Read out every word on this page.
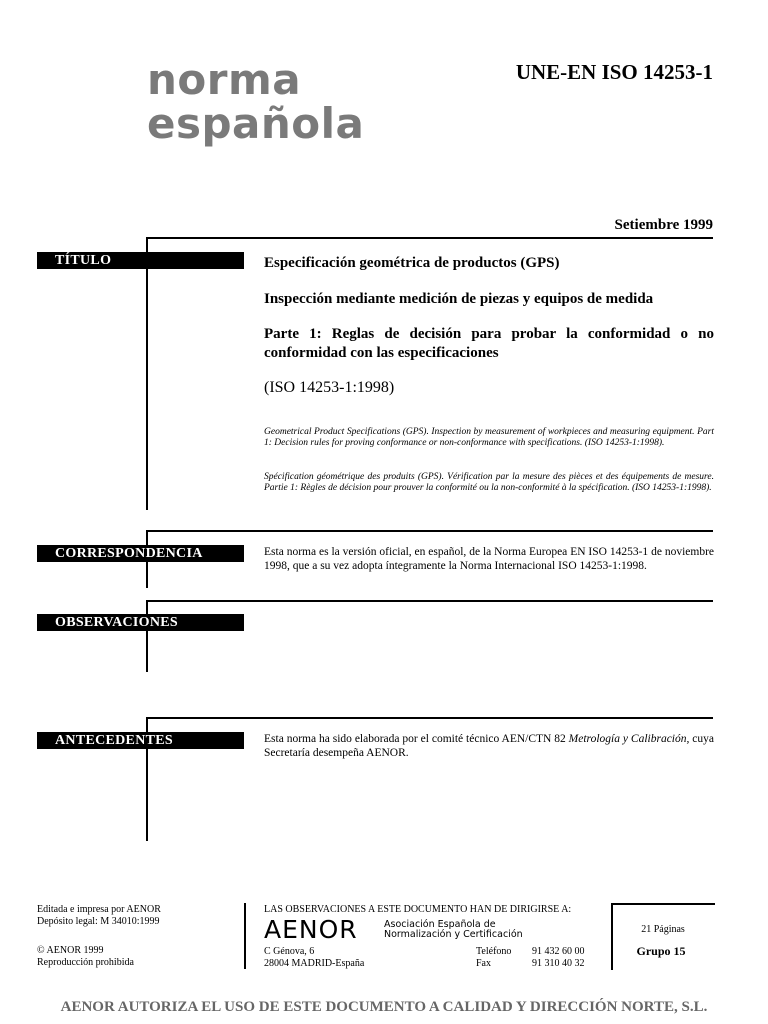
norma
española
UNE-EN ISO 14253-1
Setiembre 1999
TÍTULO
CORRESPONDENCIA
OBSERVACIONES
ANTECEDENTES
Especificación geométrica de productos (GPS)
Inspección mediante medición de piezas y equipos de medida
Parte 1: Reglas de decisión para probar la conformidad o no conformidad con las especificaciones
(ISO 14253-1:1998)
Geometrical Product Specifications (GPS). Inspection by measurement of workpieces and measuring equipment. Part 1: Decision rules for proving conformance or non-conformance with specifications. (ISO 14253-1:1998).
Spécification géométrique des produits (GPS). Vérification par la mesure des pièces et des équipements de mesure. Partie 1: Règles de décision pour prouver la conformité ou la non-conformité à la spécification. (ISO 14253-1:1998).
Esta norma es la versión oficial, en español, de la Norma Europea EN ISO 14253-1 de noviembre 1998, que a su vez adopta íntegramente la Norma Internacional ISO 14253-1:1998.
Esta norma ha sido elaborada por el comité técnico AEN/CTN 82 Metrología y Calibración, cuya Secretaría desempeña AENOR.
Editada e impresa por AENOR
Depósito legal: M 34010:1999
© AENOR 1999
Reproducción prohibida
LAS OBSERVACIONES A ESTE DOCUMENTO HAN DE DIRIGIRSE A:
AENOR	Asociación Española de
Normalización y Certificación
C Génova, 6
28004 MADRID-España
Teléfono
Fax
91 432 60 00
91 310 40 32
21 Páginas
Grupo 15
AENOR AUTORIZA EL USO DE ESTE DOCUMENTO A CALIDAD Y DIRECCIÓN NORTE, S.L.
